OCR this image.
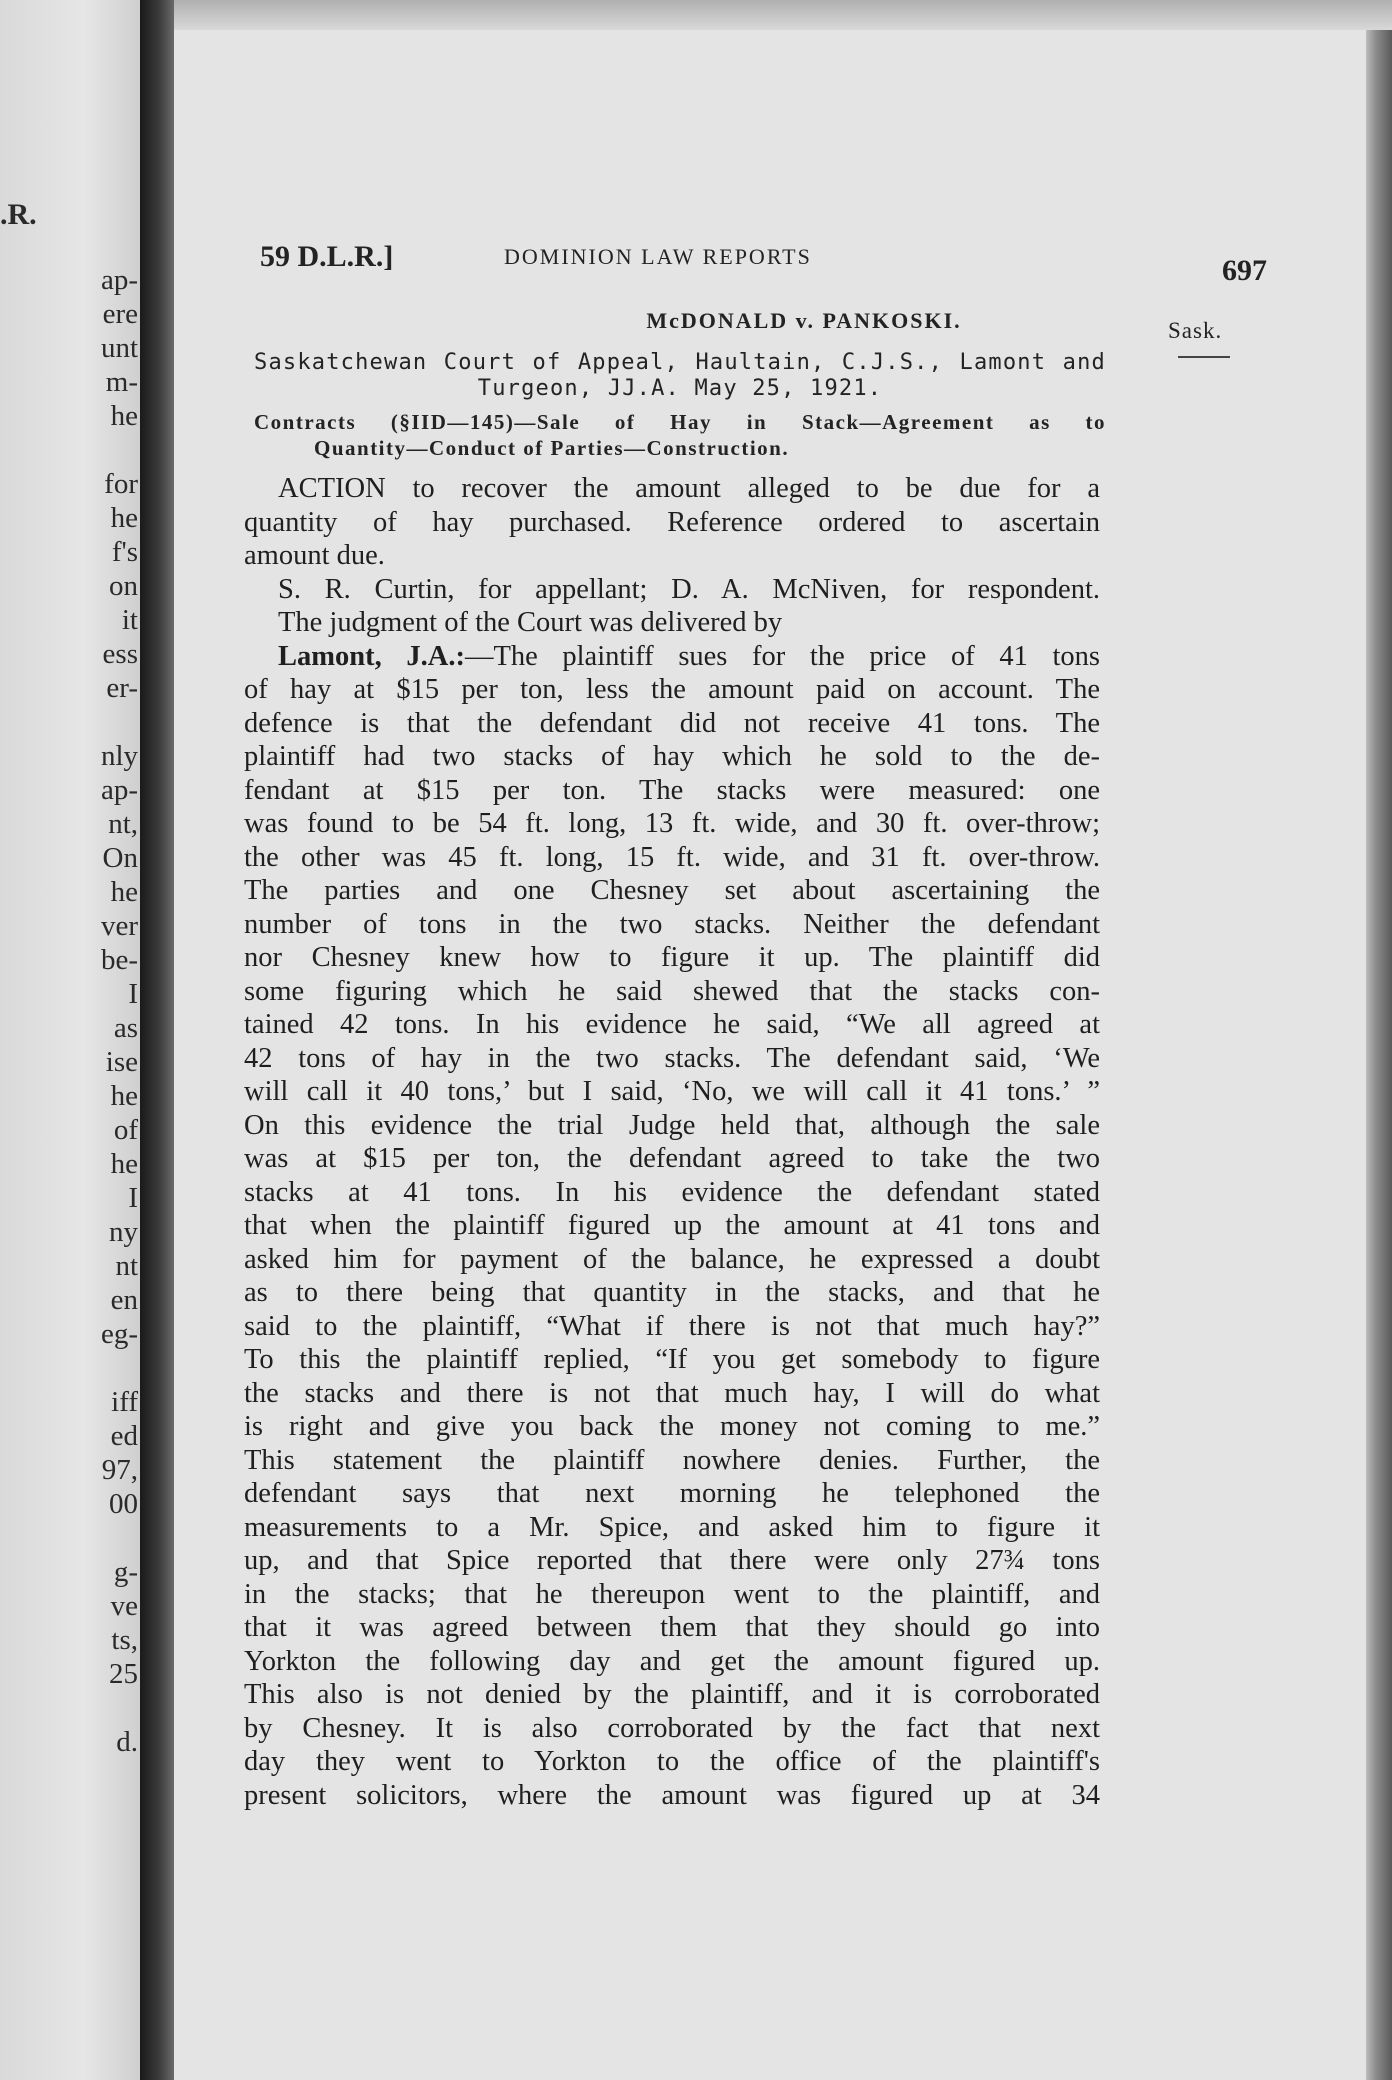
.R.
ap-
ere
unt
m-
he
for
he
f's
on
it
ess
er-
nly
ap-
nt,
On
he
ver
be-
I
as
ise
he
of
he
I
ny
nt
en
eg-
iff
ed
97,
00
g-
ve
ts,
25
d.
59 D.L.R.]	DOMINION LAW REPORTS	697
Sask.
McDONALD v. PANKOSKI.
Saskatchewan Court of Appeal, Haultain, C.J.S., Lamont and
Turgeon, JJ.A. May 25, 1921.
Contracts (§IID—145)—Sale of Hay in Stack—Agreement as to
Quantity—Conduct of Parties—Construction.
ACTION to recover the amount alleged to be due for a
quantity of hay purchased. Reference ordered to ascertain
amount due.
S. R. Curtin, for appellant; D. A. McNiven, for respondent.
The judgment of the Court was delivered by
Lamont, J.A.:—The plaintiff sues for the price of 41 tons
of hay at $15 per ton, less the amount paid on account. The
defence is that the defendant did not receive 41 tons. The
plaintiff had two stacks of hay which he sold to the de-
fendant at $15 per ton. The stacks were measured: one
was found to be 54 ft. long, 13 ft. wide, and 30 ft. over-throw;
the other was 45 ft. long, 15 ft. wide, and 31 ft. over-throw.
The parties and one Chesney set about ascertaining the
number of tons in the two stacks. Neither the defendant
nor Chesney knew how to figure it up. The plaintiff did
some figuring which he said shewed that the stacks con-
tained 42 tons. In his evidence he said, “We all agreed at
42 tons of hay in the two stacks. The defendant said, ‘We
will call it 40 tons,’ but I said, ‘No, we will call it 41 tons.’ ”
On this evidence the trial Judge held that, although the sale
was at $15 per ton, the defendant agreed to take the two
stacks at 41 tons. In his evidence the defendant stated
that when the plaintiff figured up the amount at 41 tons and
asked him for payment of the balance, he expressed a doubt
as to there being that quantity in the stacks, and that he
said to the plaintiff, “What if there is not that much hay?”
To this the plaintiff replied, “If you get somebody to figure
the stacks and there is not that much hay, I will do what
is right and give you back the money not coming to me.”
This statement the plaintiff nowhere denies. Further, the
defendant says that next morning he telephoned the
measurements to a Mr. Spice, and asked him to figure it
up, and that Spice reported that there were only 27¾ tons
in the stacks; that he thereupon went to the plaintiff, and
that it was agreed between them that they should go into
Yorkton the following day and get the amount figured up.
This also is not denied by the plaintiff, and it is corroborated
by Chesney. It is also corroborated by the fact that next
day they went to Yorkton to the office of the plaintiff's
present solicitors, where the amount was figured up at 34
